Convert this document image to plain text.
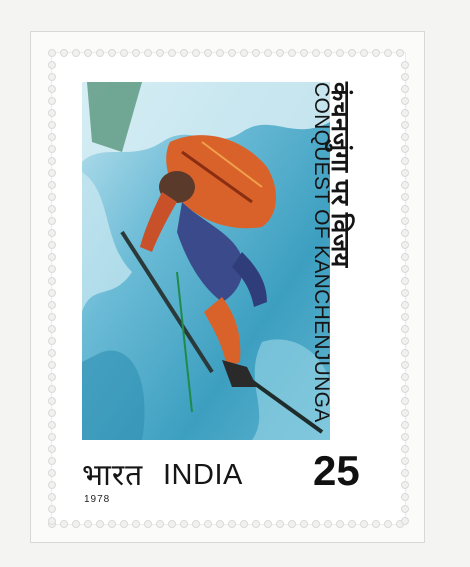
कंचनजुंगा पर विजय
CONQUEST OF KANCHENJUNGA
भारत INDIA
1978
25
